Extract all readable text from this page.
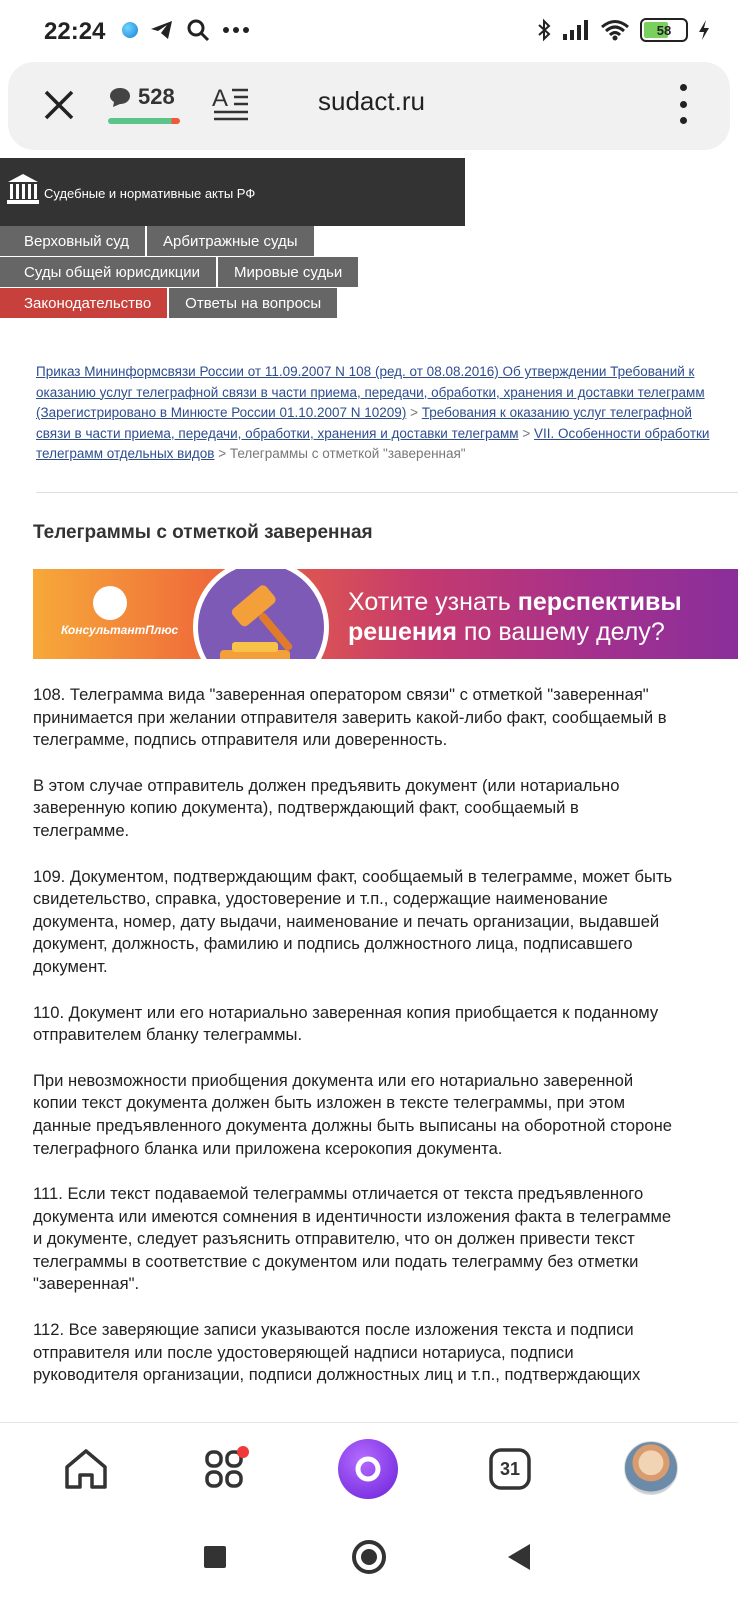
22:24	58
528 A	sudact.ru
Судебные и нормативные акты РФ
Верховный суд	Арбитражные суды
Суды общей юрисдикции	Мировые судьи
Законодательство	Ответы на вопросы
Приказ Мининформсвязи России от 11.09.2007 N 108 (ред. от 08.08.2016) Об утверждении Требований к оказанию услуг телеграфной связи в части приема, передачи, обработки, хранения и доставки телеграмм (Зарегистрировано в Минюсте России 01.10.2007 N 10209) > Требования к оказанию услуг телеграфной связи в части приема, передачи, обработки, хранения и доставки телеграмм > VII. Особенности обработки телеграмм отдельных видов > Телеграммы с отметкой "заверенная"
Телеграммы с отметкой заверенная
КонсультантПлюс
Хотите узнать перспективы
решения по вашему делу?

108. Телеграмма вида "заверенная оператором связи" с отметкой "заверенная"
принимается при желании отправителя заверить какой-либо факт, сообщаемый в
телеграмме, подпись отправителя или доверенность.

В этом случае отправитель должен предъявить документ (или нотариально
заверенную копию документа), подтверждающий факт, сообщаемый в
телеграмме.

109. Документом, подтверждающим факт, сообщаемый в телеграмме, может быть
свидетельство, справка, удостоверение и т.п., содержащие наименование
документа, номер, дату выдачи, наименование и печать организации, выдавшей
документ, должность, фамилию и подпись должностного лица, подписавшего
документ.

110. Документ или его нотариально заверенная копия приобщается к поданному
отправителем бланку телеграммы.

При невозможности приобщения документа или его нотариально заверенной
копии текст документа должен быть изложен в тексте телеграммы, при этом
данные предъявленного документа должны быть выписаны на оборотной стороне
телеграфного бланка или приложена ксерокопия документа.

111. Если текст подаваемой телеграммы отличается от текста предъявленного
документа или имеются сомнения в идентичности изложения факта в телеграмме
и документе, следует разъяснить отправителю, что он должен привести текст
телеграммы в соответствие с документом или подать телеграмму без отметки
"заверенная".

112. Все заверяющие записи указываются после изложения текста и подписи
отправителя или после удостоверяющей надписи нотариуса, подписи
руководителя организации, подписи должностных лиц и т.п., подтверждающих

31
